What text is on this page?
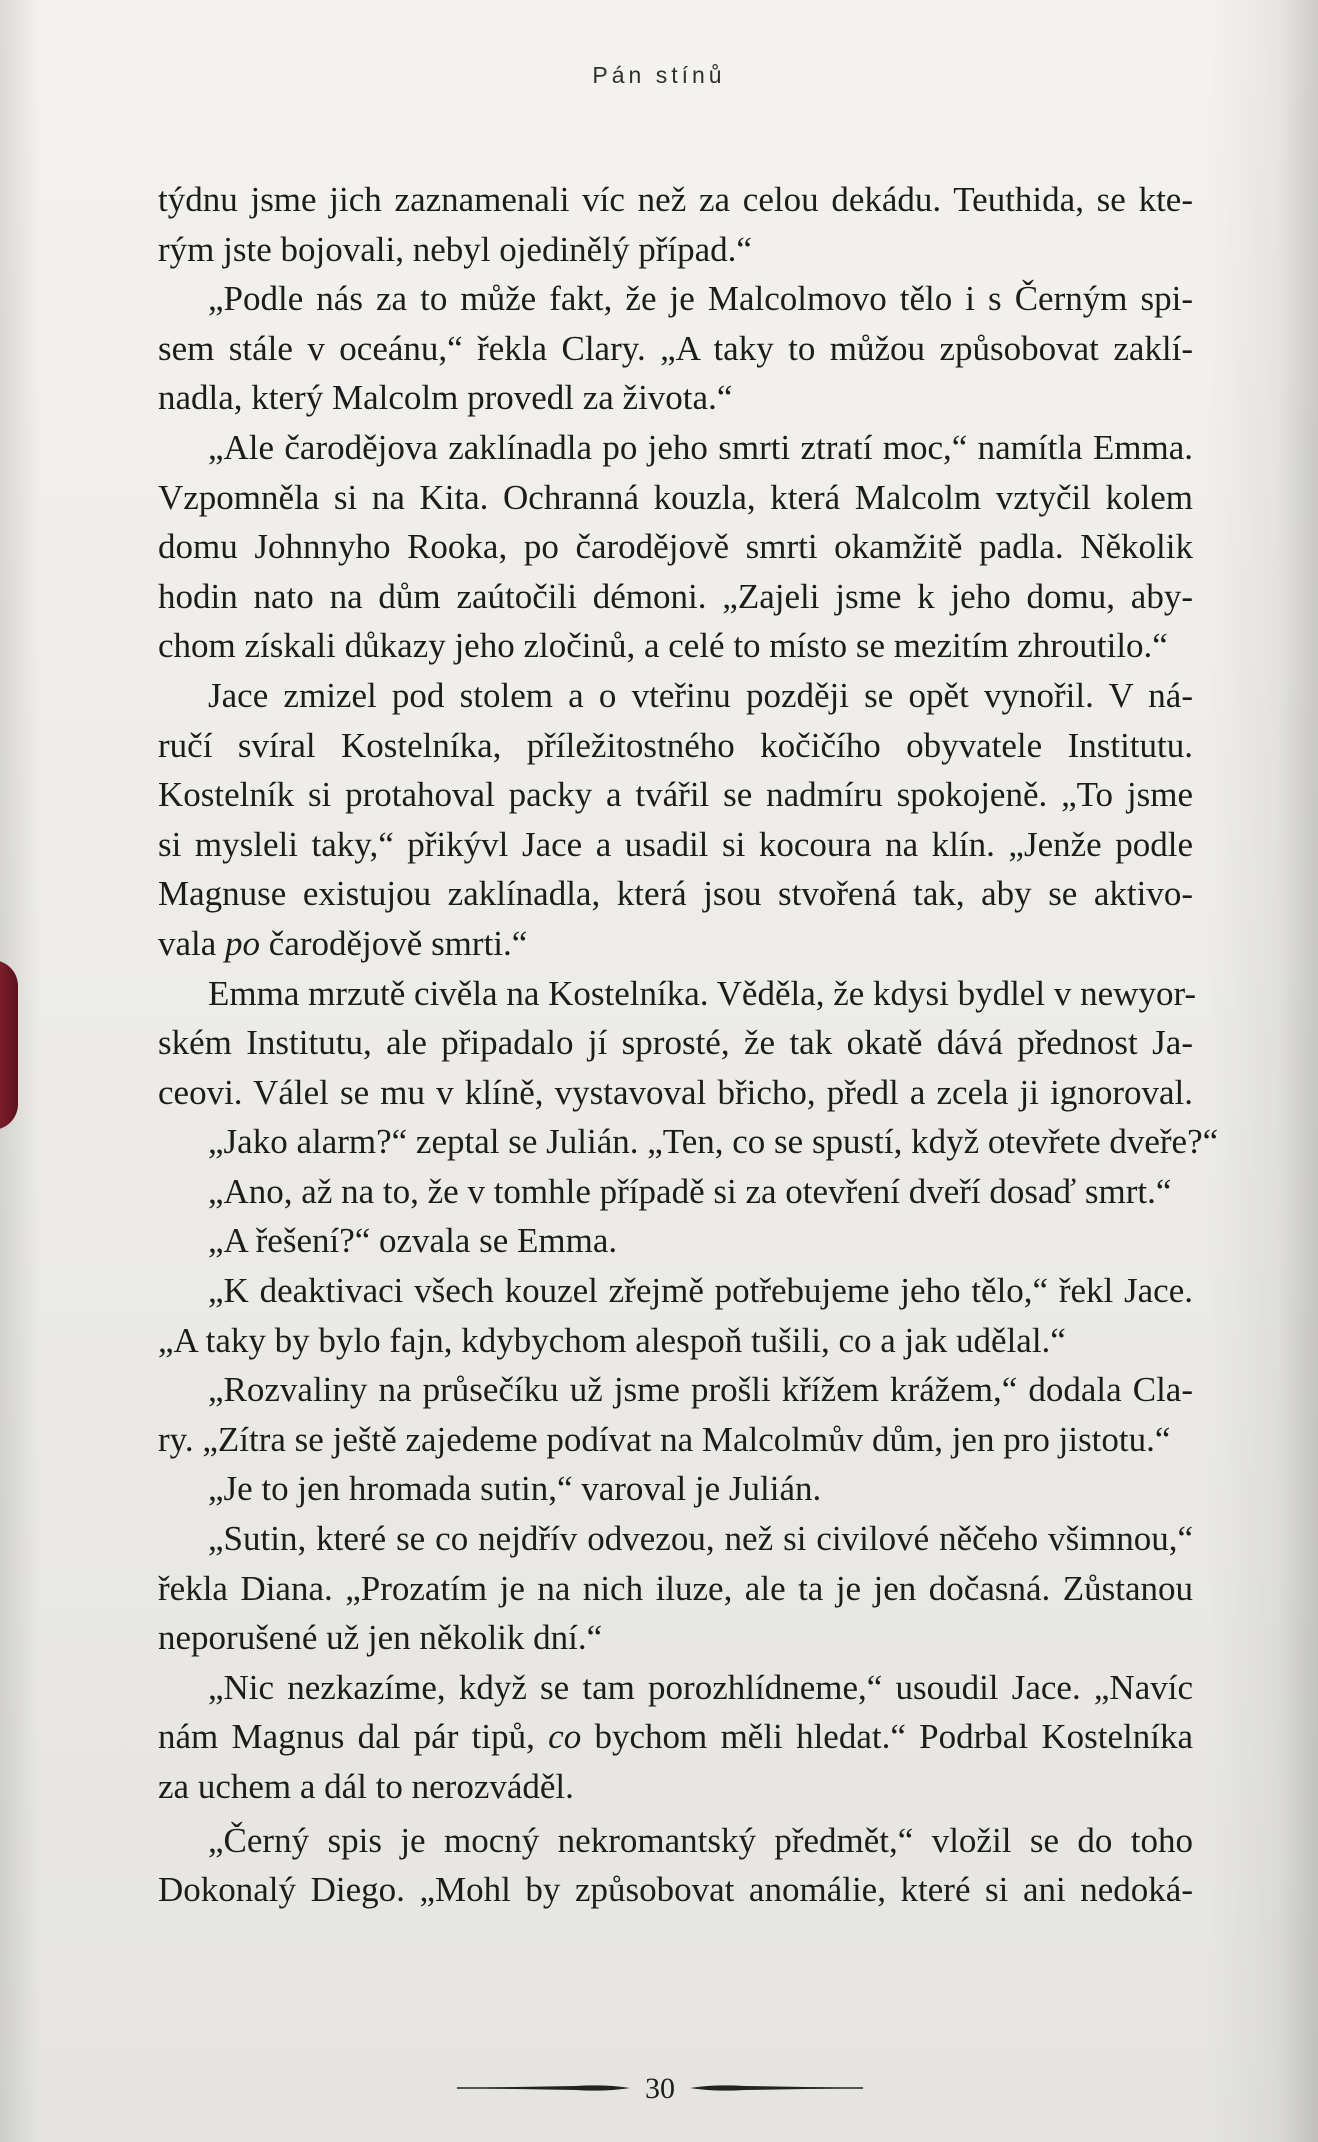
Pán stínů
týdnu jsme jich zaznamenali víc než za celou dekádu. Teuthida, se kte-
rým jste bojovali, nebyl ojedinělý případ.“
„Podle nás za to může fakt, že je Malcolmovo tělo i s Černým spi-
sem stále v oceánu,“ řekla Clary. „A taky to můžou způsobovat zaklí-
nadla, který Malcolm provedl za života.“
„Ale čarodějova zaklínadla po jeho smrti ztratí moc,“ namítla Emma.
Vzpomněla si na Kita. Ochranná kouzla, která Malcolm vztyčil kolem
domu Johnnyho Rooka, po čarodějově smrti okamžitě padla. Několik
hodin nato na dům zaútočili démoni. „Zajeli jsme k jeho domu, aby-
chom získali důkazy jeho zločinů, a celé to místo se mezitím zhroutilo.“
Jace zmizel pod stolem a o vteřinu později se opět vynořil. V ná-
ručí svíral Kostelníka, příležitostného kočičího obyvatele Institutu.
Kostelník si protahoval packy a tvářil se nadmíru spokojeně. „To jsme
si mysleli taky,“ přikývl Jace a usadil si kocoura na klín. „Jenže podle
Magnuse existujou zaklínadla, která jsou stvořená tak, aby se aktivo-
vala po čarodějově smrti.“
Emma mrzutě civěla na Kostelníka. Věděla, že kdysi bydlel v newyor-
ském Institutu, ale připadalo jí sprosté, že tak okatě dává přednost Ja-
ceovi. Válel se mu v klíně, vystavoval břicho, předl a zcela ji ignoroval.
„Jako alarm?“ zeptal se Julián. „Ten, co se spustí, když otevřete dveře?“
„Ano, až na to, že v tomhle případě si za otevření dveří dosaď smrt.“
„A řešení?“ ozvala se Emma.
„K deaktivaci všech kouzel zřejmě potřebujeme jeho tělo,“ řekl Jace.
„A taky by bylo fajn, kdybychom alespoň tušili, co a jak udělal.“
„Rozvaliny na průsečíku už jsme prošli křížem krážem,“ dodala Cla-
ry. „Zítra se ještě zajedeme podívat na Malcolmův dům, jen pro jistotu.“
„Je to jen hromada sutin,“ varoval je Julián.
„Sutin, které se co nejdřív odvezou, než si civilové něčeho všimnou,“
řekla Diana. „Prozatím je na nich iluze, ale ta je jen dočasná. Zůstanou
neporušené už jen několik dní.“
„Nic nezkazíme, když se tam porozhlídneme,“ usoudil Jace. „Navíc
nám Magnus dal pár tipů, co bychom měli hledat.“ Podrbal Kostelníka
za uchem a dál to nerozváděl.
„Černý spis je mocný nekromantský předmět,“ vložil se do toho
Dokonalý Diego. „Mohl by způsobovat anomálie, které si ani nedoká-
30
